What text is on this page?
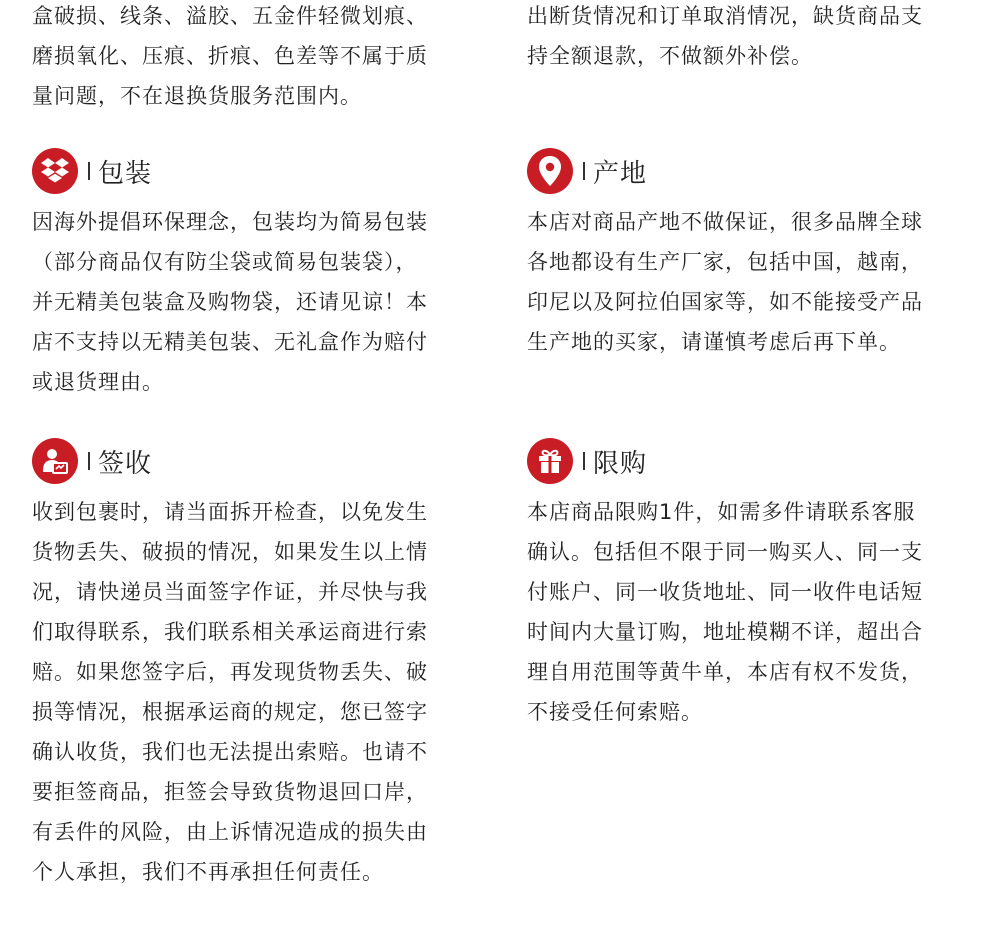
盒破损、线条、溢胶、五金件轻微划痕、
磨损氧化、压痕、折痕、色差等不属于质
量问题，不在退换货服务范围内。

包装

因海外提倡环保理念，包装均为简易包装
（部分商品仅有防尘袋或简易包装袋），
并无精美包装盒及购物袋，还请见谅！本
店不支持以无精美包装、无礼盒作为赔付
或退货理由。

签收

收到包裹时，请当面拆开检查，以免发生
货物丢失、破损的情况，如果发生以上情
况，请快递员当面签字作证，并尽快与我
们取得联系，我们联系相关承运商进行索
赔。如果您签字后，再发现货物丢失、破
损等情况，根据承运商的规定，您已签字
确认收货，我们也无法提出索赔。也请不
要拒签商品，拒签会导致货物退回口岸，
有丢件的风险，由上诉情况造成的损失由
个人承担，我们不再承担任何责任。

出断货情况和订单取消情况，缺货商品支
持全额退款，不做额外补偿。

产地

本店对商品产地不做保证，很多品牌全球
各地都设有生产厂家，包括中国，越南，
印尼以及阿拉伯国家等，如不能接受产品
生产地的买家，请谨慎考虑后再下单。

限购

本店商品限购1件，如需多件请联系客服
确认。包括但不限于同一购买人、同一支
付账户、同一收货地址、同一收件电话短
时间内大量订购，地址模糊不详，超出合
理自用范围等黄牛单，本店有权不发货，
不接受任何索赔。
